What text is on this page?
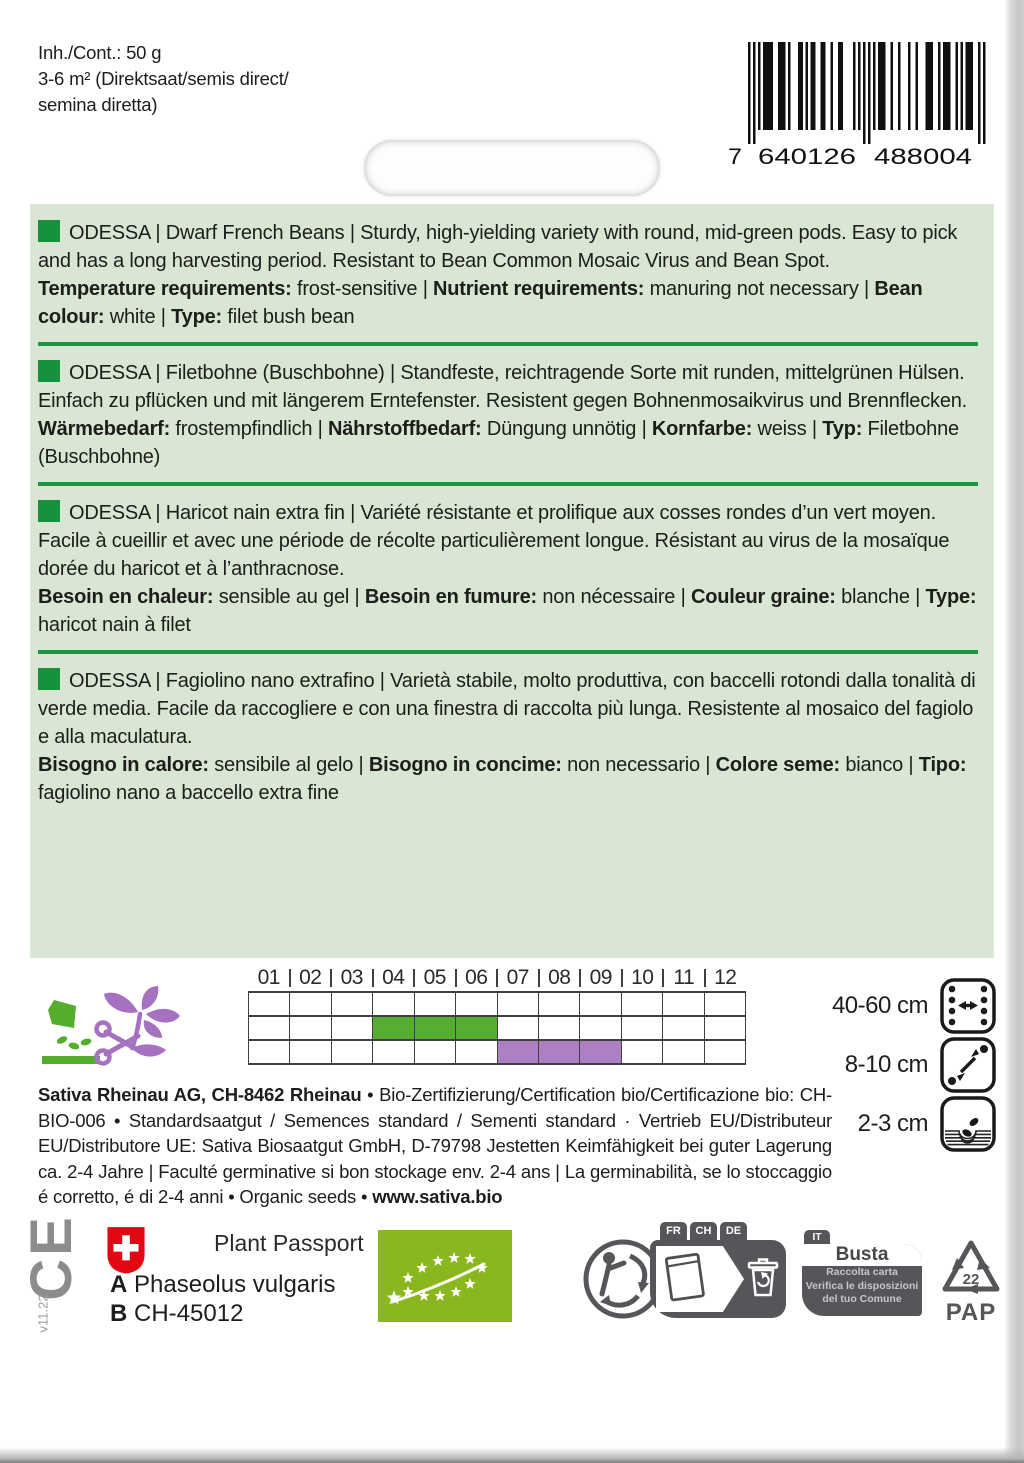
Inh./Cont.: 50 g
3-6 m² (Direktsaat/semis direct/
semina diretta)
7 640126 488004

ODESSA | Dwarf French Beans | Sturdy, high-yielding variety with round, mid-green pods. Easy to pick and has a long harvesting period. Resistant to Bean Common Mosaic Virus and Bean Spot.

Temperature requirements: frost-sensitive | Nutrient requirements: manuring not necessary | Bean colour: white | Type: filet bush bean

ODESSA | Filetbohne (Buschbohne) | Standfeste, reichtragende Sorte mit runden, mittelgrünen Hülsen. Einfach zu pflücken und mit längerem Erntefenster. Resistent gegen Bohnenmosaikvirus und Brennflecken.

Wärmebedarf: frostempfindlich | Nährstoffbedarf: Düngung unnötig | Kornfarbe: weiss | Typ: Filetbohne (Buschbohne)

ODESSA | Haricot nain extra fin | Variété résistante et prolifique aux cosses rondes d’un vert moyen. Facile à cueillir et avec une période de récolte particulièrement longue. Résistant au virus de la mosaïque dorée du haricot et à l’anthracnose.

Besoin en chaleur: sensible au gel | Besoin en fumure: non nécessaire | Couleur graine: blanche | Type: haricot nain à filet

ODESSA | Fagiolino nano extrafino | Varietà stabile, molto produttiva, con baccelli rotondi dalla tonalità di verde media. Facile da raccogliere e con una finestra di raccolta più lunga. Resistente al mosaico del fagiolo e alla maculatura.

Bisogno in calore: sensibile al gelo | Bisogno in concime: non necessario | Colore seme: bianco | Tipo: fagiolino nano a baccello extra fine

01 02 03 04 05 06 07 08 09 10 11 12
40-60 cm
8-10 cm
2-3 cm
Sativa Rheinau AG, CH-8462 Rheinau • Bio-Zertifizierung/Certification bio/Certificazione bio: CH-BIO-006 • Standardsaatgut / Semences standard / Sementi standard · Vertrieb EU/Distributeur EU/Distributore UE: Sativa Biosaatgut GmbH, D-79798 Jestetten Keimfähigkeit bei guter Lagerung ca. 2-4 Jahre | Faculté germinative si bon stockage env. 2-4 ans | La germinabilità, se lo stoccaggio é corretto, é di 2-4 anni • Organic seeds • www.sativa.bio
CE
v11.22
Plant Passport
A Phaseolus vulgaris
B CH-45012
FR	CH	DE	IT
Busta
Raccolta carta
Verifica le disposizioni
del tuo Comune
22
PAP
